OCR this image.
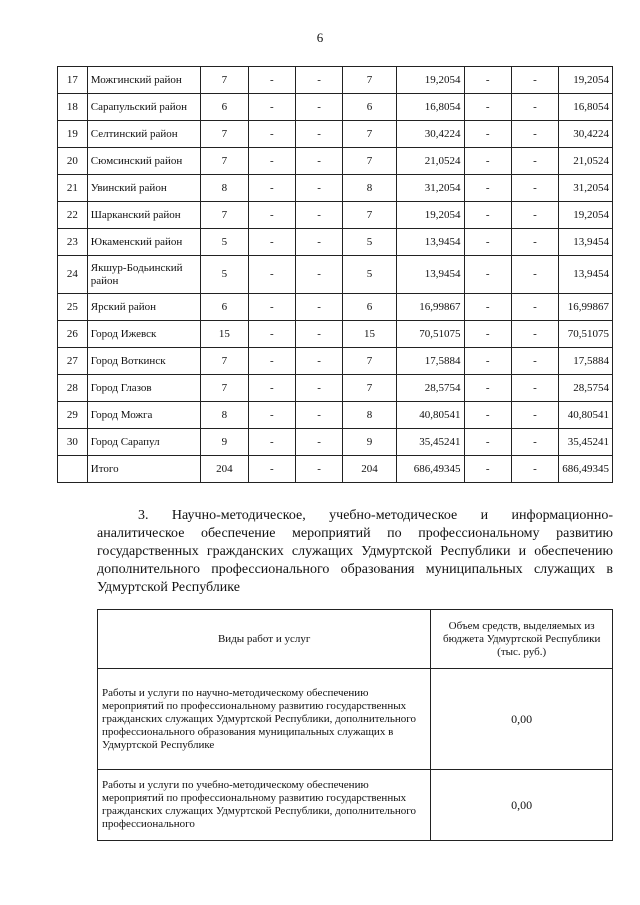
6
17	Можгинский район	7	-	-	7	19,2054	-	-	19,2054
18	Сарапульский район	6	-	-	6	16,8054	-	-	16,8054
19	Селтинский район	7	-	-	7	30,4224	-	-	30,4224
20	Сюмсинский район	7	-	-	7	21,0524	-	-	21,0524
21	Увинский район	8	-	-	8	31,2054	-	-	31,2054
22	Шарканский район	7	-	-	7	19,2054	-	-	19,2054
23	Юкаменский район	5	-	-	5	13,9454	-	-	13,9454
24	Якшур-Бодьинский район	5	-	-	5	13,9454	-	-	13,9454
25	Ярский район	6	-	-	6	16,99867	-	-	16,99867
26	Город Ижевск	15	-	-	15	70,51075	-	-	70,51075
27	Город Воткинск	7	-	-	7	17,5884	-	-	17,5884
28	Город Глазов	7	-	-	7	28,5754	-	-	28,5754
29	Город Можга	8	-	-	8	40,80541	-	-	40,80541
30	Город Сарапул	9	-	-	9	35,45241	-	-	35,45241
	Итого	204	-	-	204	686,49345	-	-	686,49345
3. Научно-методическое, учебно-методическое и информационно-аналитическое обеспечение мероприятий по профессиональному развитию государственных гражданских служащих Удмуртской Республики и обеспечению дополнительного профессионального образования муниципальных служащих в Удмуртской Республике
Виды работ и услуг	Объем средств, выделяемых из бюджета Удмуртской Республики (тыс. руб.)
Работы и услуги по научно-методическому обеспечению мероприятий по профессиональному развитию государственных гражданских служащих Удмуртской Республики, дополнительного профессионального образования муниципальных служащих в Удмуртской Республике	0,00
Работы и услуги по учебно-методическому обеспечению мероприятий по профессиональному развитию государственных гражданских служащих Удмуртской Республики, дополнительного профессионального	0,00
